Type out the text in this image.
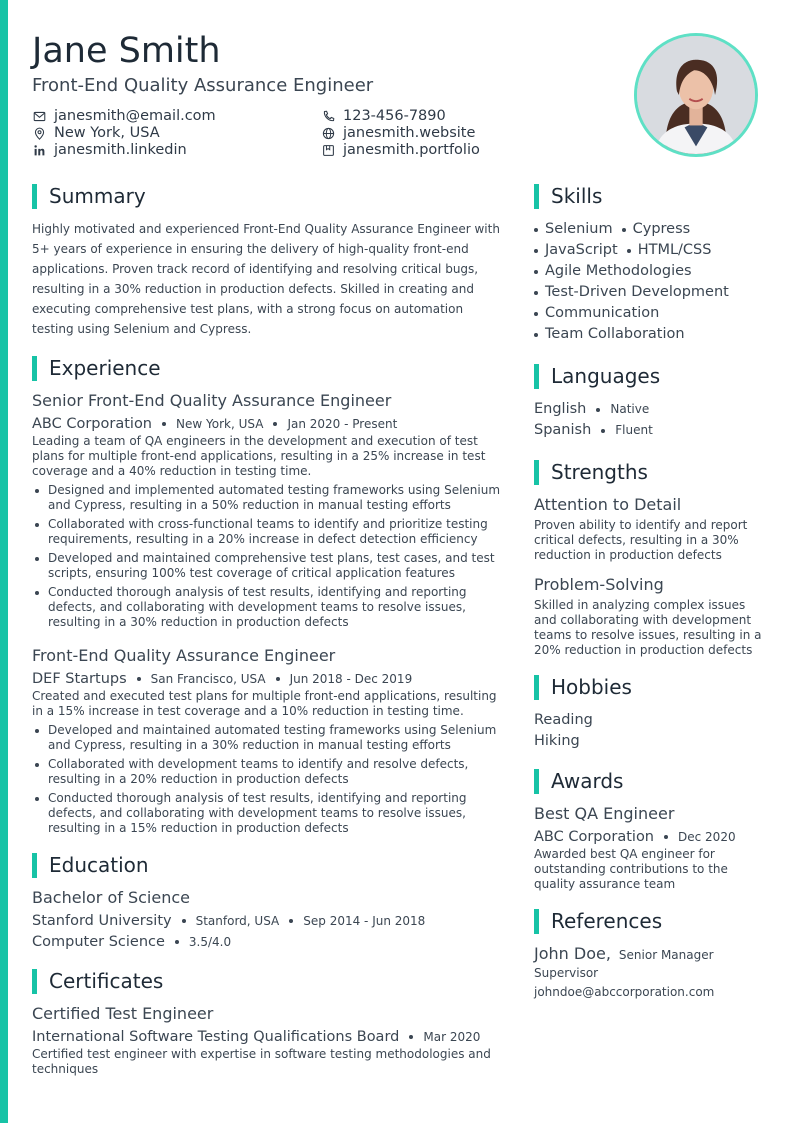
Jane Smith
Front-End Quality Assurance Engineer
janesmith@email.com
New York, USA
janesmith.linkedin
123-456-7890
janesmith.website
janesmith.portfolio
Summary

Highly motivated and experienced Front-End Quality Assurance Engineer with 5+ years of experience in ensuring the delivery of high-quality front-end applications. Proven track record of identifying and resolving critical bugs, resulting in a 30% reduction in production defects. Skilled in creating and executing comprehensive test plans, with a strong focus on automation testing using Selenium and Cypress.

Experience

Senior Front-End Quality Assurance Engineer

ABC Corporation New York, USA Jan 2020 - Present

Leading a team of QA engineers in the development and execution of test plans for multiple front-end applications, resulting in a 25% increase in test coverage and a 40% reduction in testing time.

Designed and implemented automated testing frameworks using Selenium and Cypress, resulting in a 50% reduction in manual testing efforts
Collaborated with cross-functional teams to identify and prioritize testing requirements, resulting in a 20% increase in defect detection efficiency
Developed and maintained comprehensive test plans, test cases, and test scripts, ensuring 100% test coverage of critical application features
Conducted thorough analysis of test results, identifying and reporting defects, and collaborating with development teams to resolve issues, resulting in a 30% reduction in production defects

Front-End Quality Assurance Engineer

DEF Startups San Francisco, USA Jun 2018 - Dec 2019

Created and executed test plans for multiple front-end applications, resulting in a 15% increase in test coverage and a 10% reduction in testing time.

Developed and maintained automated testing frameworks using Selenium and Cypress, resulting in a 30% reduction in manual testing efforts
Collaborated with development teams to identify and resolve defects, resulting in a 20% reduction in production defects
Conducted thorough analysis of test results, identifying and reporting defects, and collaborating with development teams to resolve issues, resulting in a 15% reduction in production defects
Education

Bachelor of Science

Stanford University Stanford, USA Sep 2014 - Jun 2018
Computer Science 3.5/4.0
Certificates

Certified Test Engineer

International Software Testing Qualifications Board Mar 2020

Certified test engineer with expertise in software testing methodologies and techniques

Skills
Selenium Cypress
JavaScript HTML/CSS
Agile Methodologies
Test-Driven Development
Communication
Team Collaboration
Languages
English Native
Spanish Fluent
Strengths

Attention to Detail

Proven ability to identify and report critical defects, resulting in a 30% reduction in production defects

Problem-Solving

Skilled in analyzing complex issues and collaborating with development teams to resolve issues, resulting in a 20% reduction in production defects

Hobbies
Reading
Hiking
Awards

Best QA Engineer

ABC Corporation Dec 2020

Awarded best QA engineer for outstanding contributions to the quality assurance team

References
John Doe, Senior Manager
Supervisor
johndoe@abccorporation.com
